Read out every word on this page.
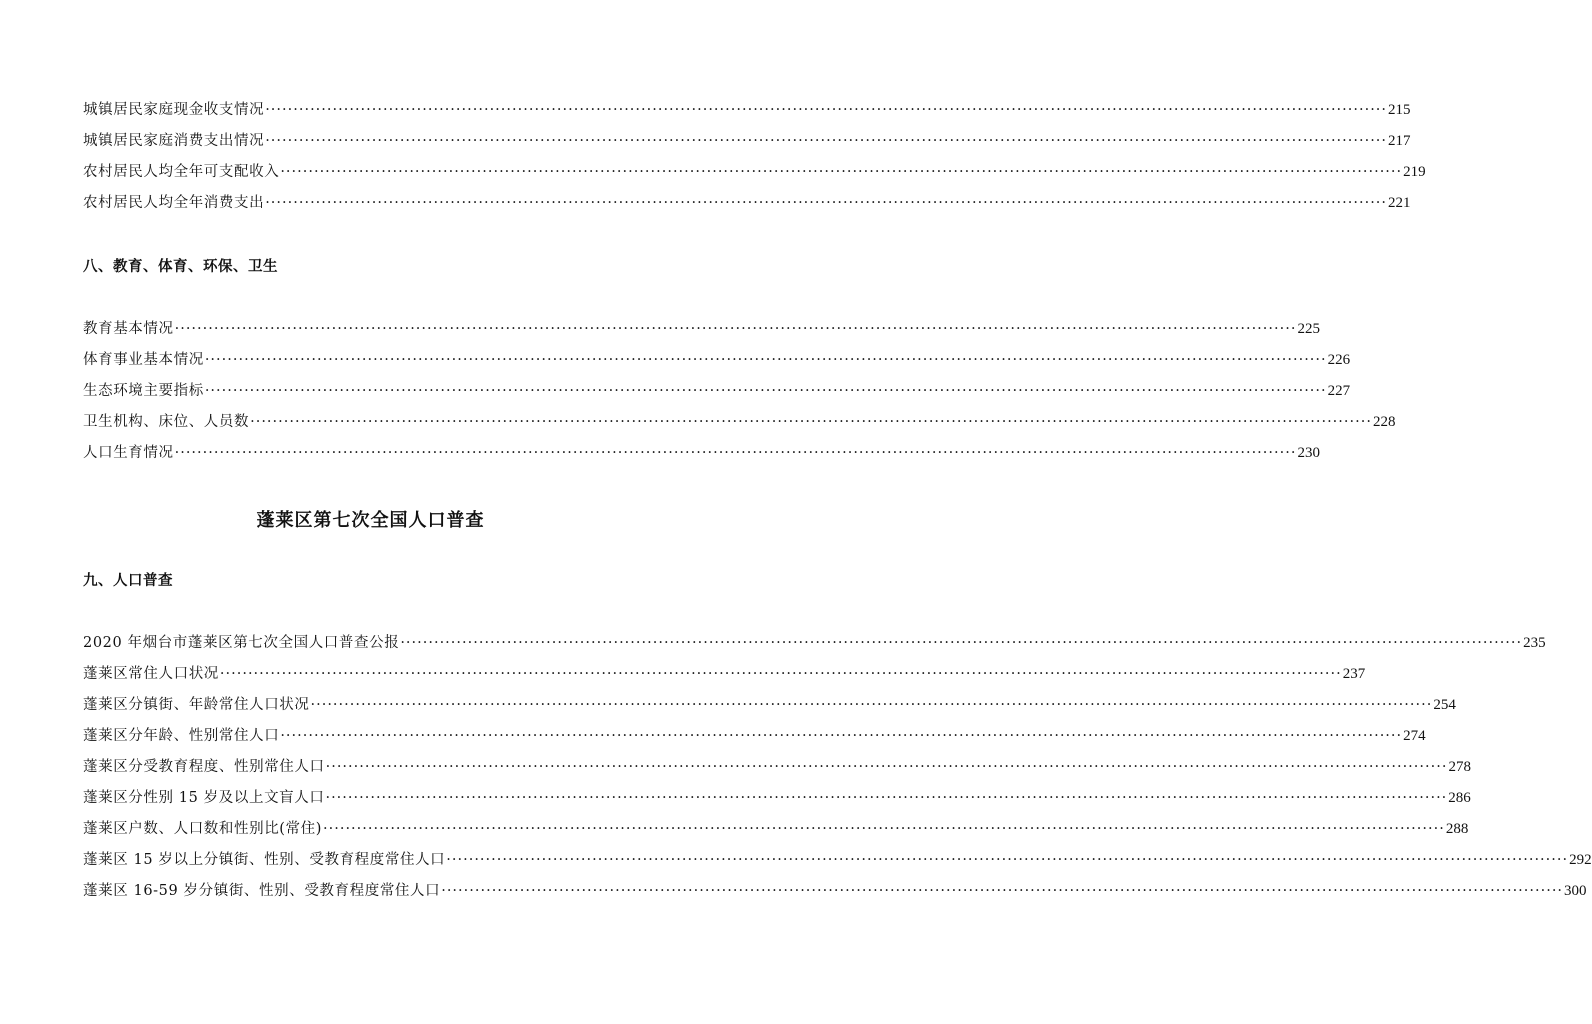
城镇居民家庭现金收支情况 ········································································································································································································ 215
城镇居民家庭消费支出情况 ········································································································································································································ 217
农村居民人均全年可支配收入 ········································································································································································································ 219
农村居民人均全年消费支出 ········································································································································································································ 221
八、教育、体育、环保、卫生
教育基本情况 ········································································································································································································ 225
体育事业基本情况 ········································································································································································································ 226
生态环境主要指标 ········································································································································································································ 227
卫生机构、床位、人员数 ········································································································································································································ 228
人口生育情况 ········································································································································································································ 230
蓬莱区第七次全国人口普查
九、人口普查
2020 年烟台市蓬莱区第七次全国人口普查公报 ········································································································································································································ 235
蓬莱区常住人口状况 ········································································································································································································ 237
蓬莱区分镇街、年龄常住人口状况 ········································································································································································································ 254
蓬莱区分年龄、性别常住人口 ········································································································································································································ 274
蓬莱区分受教育程度、性别常住人口 ········································································································································································································ 278
蓬莱区分性别 15 岁及以上文盲人口 ········································································································································································································ 286
蓬莱区户数、人口数和性别比(常住) ········································································································································································································ 288
蓬莱区 15 岁以上分镇街、性别、受教育程度常住人口 ········································································································································································································ 292
蓬莱区 16-59 岁分镇街、性别、受教育程度常住人口 ········································································································································································································ 300
